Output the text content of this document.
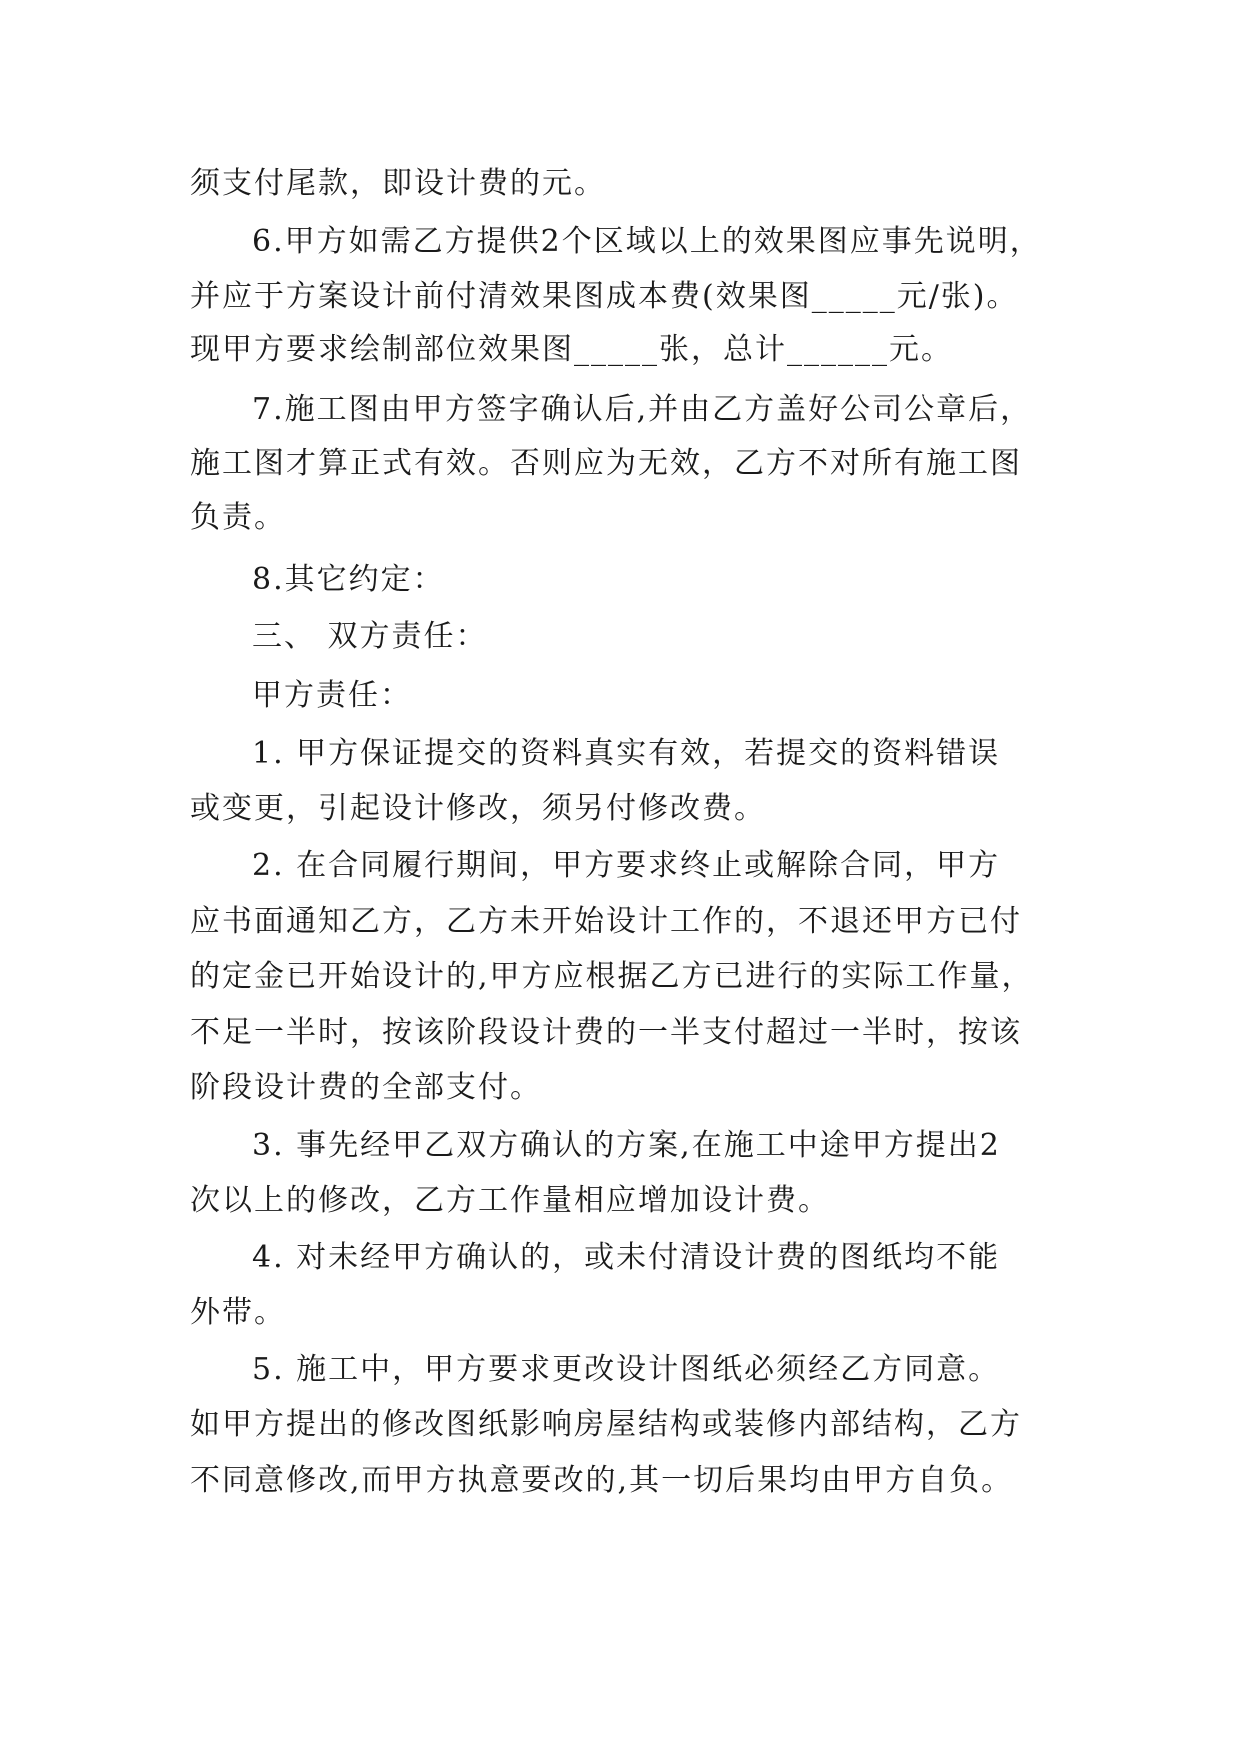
须支付尾款，即设计费的元。
6.甲方如需乙方提供2个区域以上的效果图应事先说明，
并应于方案设计前付清效果图成本费(效果图_____元/张)。
现甲方要求绘制部位效果图_____张，总计______元。
7.施工图由甲方签字确认后,并由乙方盖好公司公章后，
施工图才算正式有效。否则应为无效，乙方不对所有施工图
负责。
8.其它约定：
三、 双方责任：
甲方责任：
1. 甲方保证提交的资料真实有效，若提交的资料错误
或变更，引起设计修改，须另付修改费。
2. 在合同履行期间，甲方要求终止或解除合同，甲方
应书面通知乙方，乙方未开始设计工作的，不退还甲方已付
的定金已开始设计的,甲方应根据乙方已进行的实际工作量，
不足一半时，按该阶段设计费的一半支付超过一半时，按该
阶段设计费的全部支付。
3. 事先经甲乙双方确认的方案,在施工中途甲方提出2
次以上的修改，乙方工作量相应增加设计费。
4. 对未经甲方确认的，或未付清设计费的图纸均不能
外带。
5. 施工中，甲方要求更改设计图纸必须经乙方同意。
如甲方提出的修改图纸影响房屋结构或装修内部结构，乙方
不同意修改,而甲方执意要改的,其一切后果均由甲方自负。
